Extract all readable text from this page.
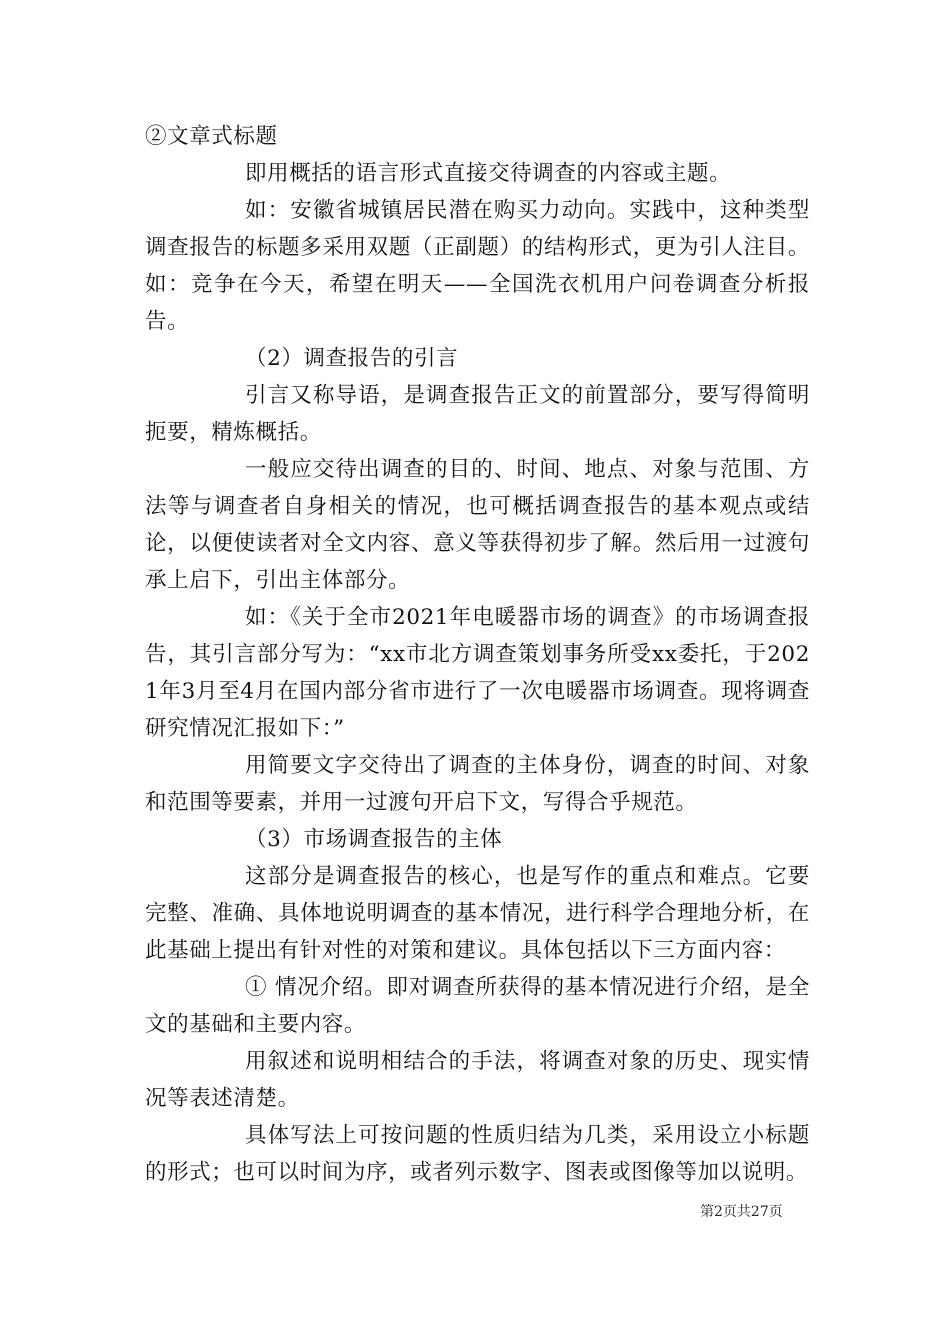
②文章式标题

即用概括的语言形式直接交待调查的内容或主题。

如：安徽省城镇居民潜在购买力动向。实践中，这种类型调查报告的标题多采用双题（正副题）的结构形式，更为引人注目。如：竞争在今天，希望在明天——全国洗衣机用户问卷调查分析报告。

（2）调查报告的引言

引言又称导语，是调查报告正文的前置部分，要写得简明扼要，精炼概括。

一般应交待出调查的目的、时间、地点、对象与范围、方法等与调查者自身相关的情况，也可概括调查报告的基本观点或结论，以便使读者对全文内容、意义等获得初步了解。然后用一过渡句承上启下，引出主体部分。

如：《关于全市2021年电暖器市场的调查》的市场调查报告，其引言部分写为：“xx市北方调查策划事务所受xx委托，于2021年3月至4月在国内部分省市进行了一次电暖器市场调查。现将调查研究情况汇报如下：”

用简要文字交待出了调查的主体身份，调查的时间、对象和范围等要素，并用一过渡句开启下文，写得合乎规范。

（3）市场调查报告的主体

这部分是调查报告的核心，也是写作的重点和难点。它要完整、准确、具体地说明调查的基本情况，进行科学合理地分析，在此基础上提出有针对性的对策和建议。具体包括以下三方面内容：

① 情况介绍。即对调查所获得的基本情况进行介绍，是全文的基础和主要内容。

用叙述和说明相结合的手法，将调查对象的历史、现实情况等表述清楚。

具体写法上可按问题的性质归结为几类，采用设立小标题的形式；也可以时间为序，或者列示数字、图表或图像等加以说明。

第2页共27页
